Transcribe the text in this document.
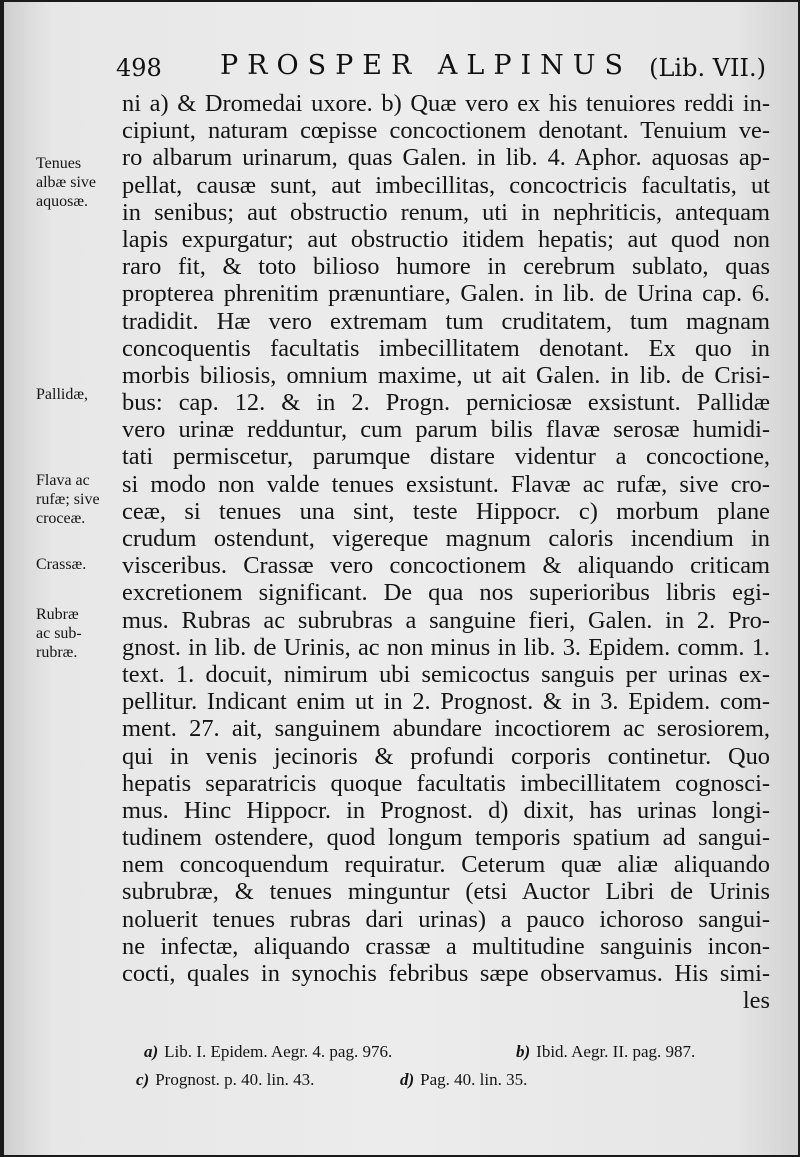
498 PROSPER ALPINUS (Lib. VII.)
Tenues
albæ sive
aquosæ.
Pallidæ,
Flava ac
rufæ; sive
croceæ.
Crassæ.
Rubræ
ac sub-
rubræ.
ni a) & Dromedai uxore. b) Quæ vero ex his tenuiores reddi in-
cipiunt, naturam cœpisse concoctionem denotant. Tenuium ve-
ro albarum urinarum, quas Galen. in lib. 4. Aphor. aquosas ap-
pellat, causæ sunt, aut imbecillitas, concoctricis facultatis, ut
in senibus; aut obstructio renum, uti in nephriticis, antequam
lapis expurgatur; aut obstructio itidem hepatis; aut quod non
raro fit, & toto bilioso humore in cerebrum sublato, quas
propterea phrenitim prænuntiare, Galen. in lib. de Urina cap. 6.
tradidit. Hæ vero extremam tum cruditatem, tum magnam
concoquentis facultatis imbecillitatem denotant. Ex quo in
morbis biliosis, omnium maxime, ut ait Galen. in lib. de Crisi-
bus: cap. 12. & in 2. Progn. perniciosæ exsistunt. Pallidæ
vero urinæ redduntur, cum parum bilis flavæ serosæ humidi-
tati permiscetur, parumque distare videntur a concoctione,
si modo non valde tenues exsistunt. Flavæ ac rufæ, sive cro-
ceæ, si tenues una sint, teste Hippocr. c) morbum plane
crudum ostendunt, vigereque magnum caloris incendium in
visceribus. Crassæ vero concoctionem & aliquando criticam
excretionem significant. De qua nos superioribus libris egi-
mus. Rubras ac subrubras a sanguine fieri, Galen. in 2. Pro-
gnost. in lib. de Urinis, ac non minus in lib. 3. Epidem. comm. 1.
text. 1. docuit, nimirum ubi semicoctus sanguis per urinas ex-
pellitur. Indicant enim ut in 2. Prognost. & in 3. Epidem. com-
ment. 27. ait, sanguinem abundare incoctiorem ac serosiorem,
qui in venis jecinoris & profundi corporis continetur. Quo
hepatis separatricis quoque facultatis imbecillitatem cognosci-
mus. Hinc Hippocr. in Prognost. d) dixit, has urinas longi-
tudinem ostendere, quod longum temporis spatium ad sangui-
nem concoquendum requiratur. Ceterum quæ aliæ aliquando
subrubræ, & tenues minguntur (etsi Auctor Libri de Urinis
noluerit tenues rubras dari urinas) a pauco ichoroso sangui-
ne infectæ, aliquando crassæ a multitudine sanguinis incon-
cocti, quales in synochis febribus sæpe observamus. His simi-
les
a) Lib. I. Epidem. Aegr. 4. pag. 976.	b) Ibid. Aegr. II. pag. 987.
c) Prognost. p. 40. lin. 43.	d) Pag. 40. lin. 35.
